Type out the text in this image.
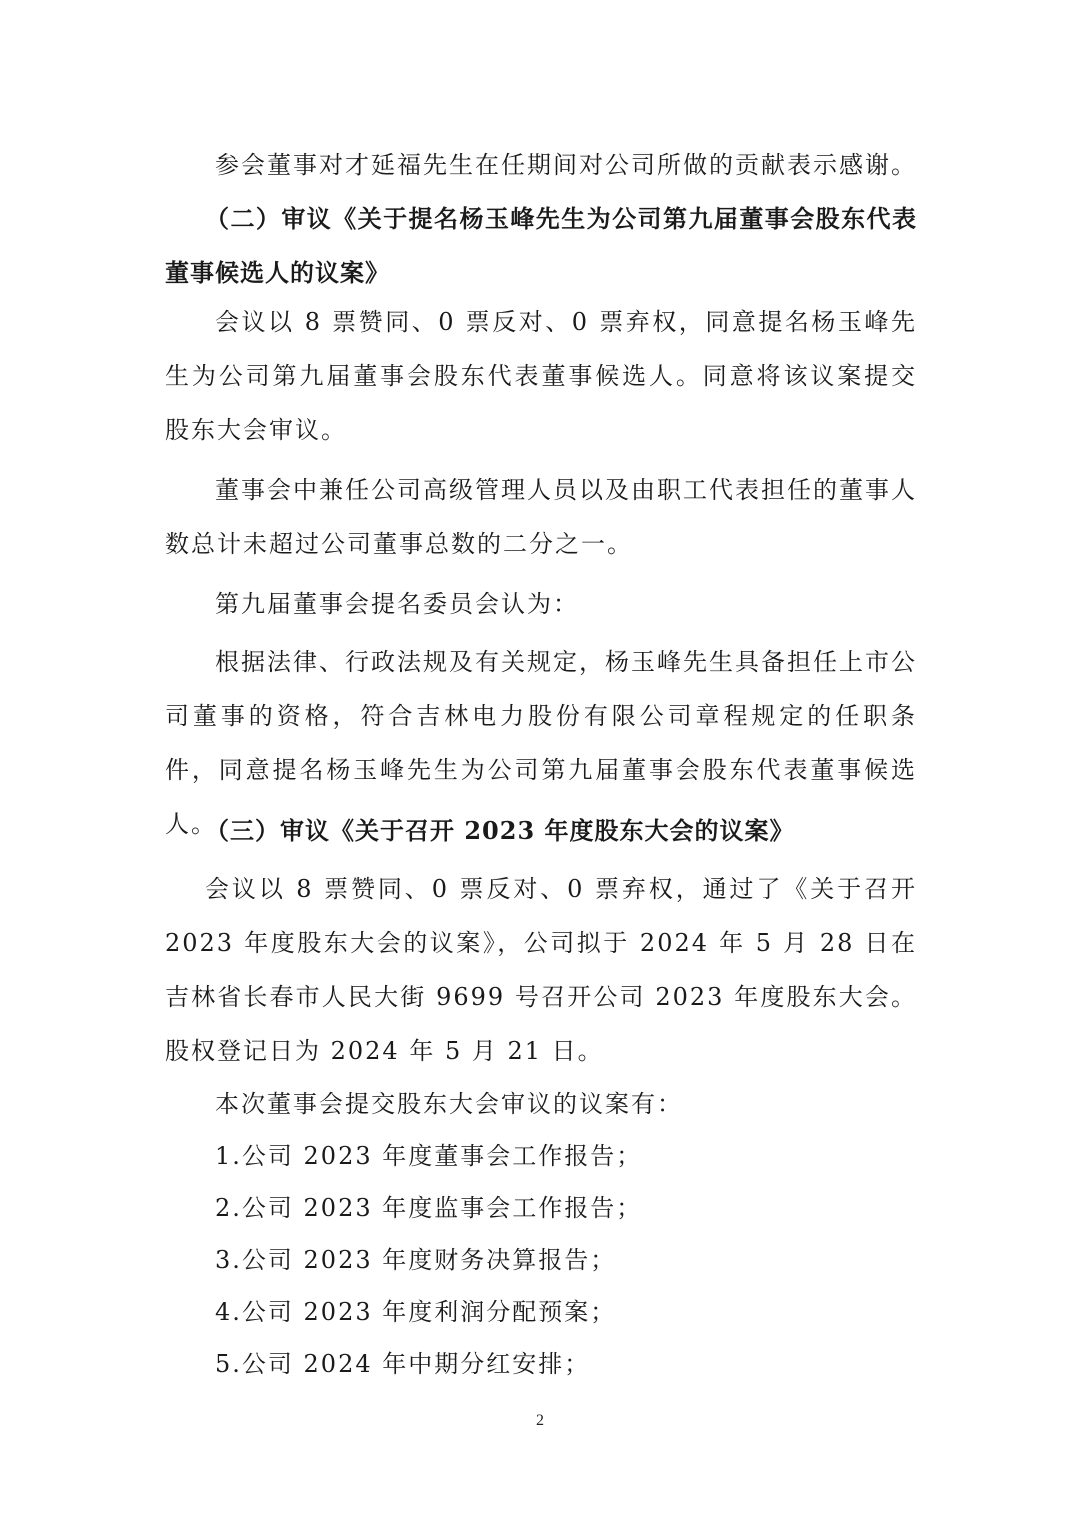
参会董事对才延福先生在任期间对公司所做的贡献表示感谢。

（二）审议《关于提名杨玉峰先生为公司第九届董事会股东代表董事候选人的议案》

会议以 8 票赞同、0 票反对、0 票弃权，同意提名杨玉峰先生为公司第九届董事会股东代表董事候选人。同意将该议案提交股东大会审议。

董事会中兼任公司高级管理人员以及由职工代表担任的董事人数总计未超过公司董事总数的二分之一。

第九届董事会提名委员会认为：

根据法律、行政法规及有关规定，杨玉峰先生具备担任上市公司董事的资格，符合吉林电力股份有限公司章程规定的任职条件，同意提名杨玉峰先生为公司第九届董事会股东代表董事候选人。

（三）审议《关于召开 2023 年度股东大会的议案》

会议以 8 票赞同、0 票反对、0 票弃权，通过了《关于召开 2023 年度股东大会的议案》，公司拟于 2024 年 5 月 28 日在吉林省长春市人民大街 9699 号召开公司 2023 年度股东大会。股权登记日为 2024 年 5 月 21 日。

本次董事会提交股东大会审议的议案有：

1.公司 2023 年度董事会工作报告；

2.公司 2023 年度监事会工作报告；

3.公司 2023 年度财务决算报告；

4.公司 2023 年度利润分配预案；

5.公司 2024 年中期分红安排；

2
